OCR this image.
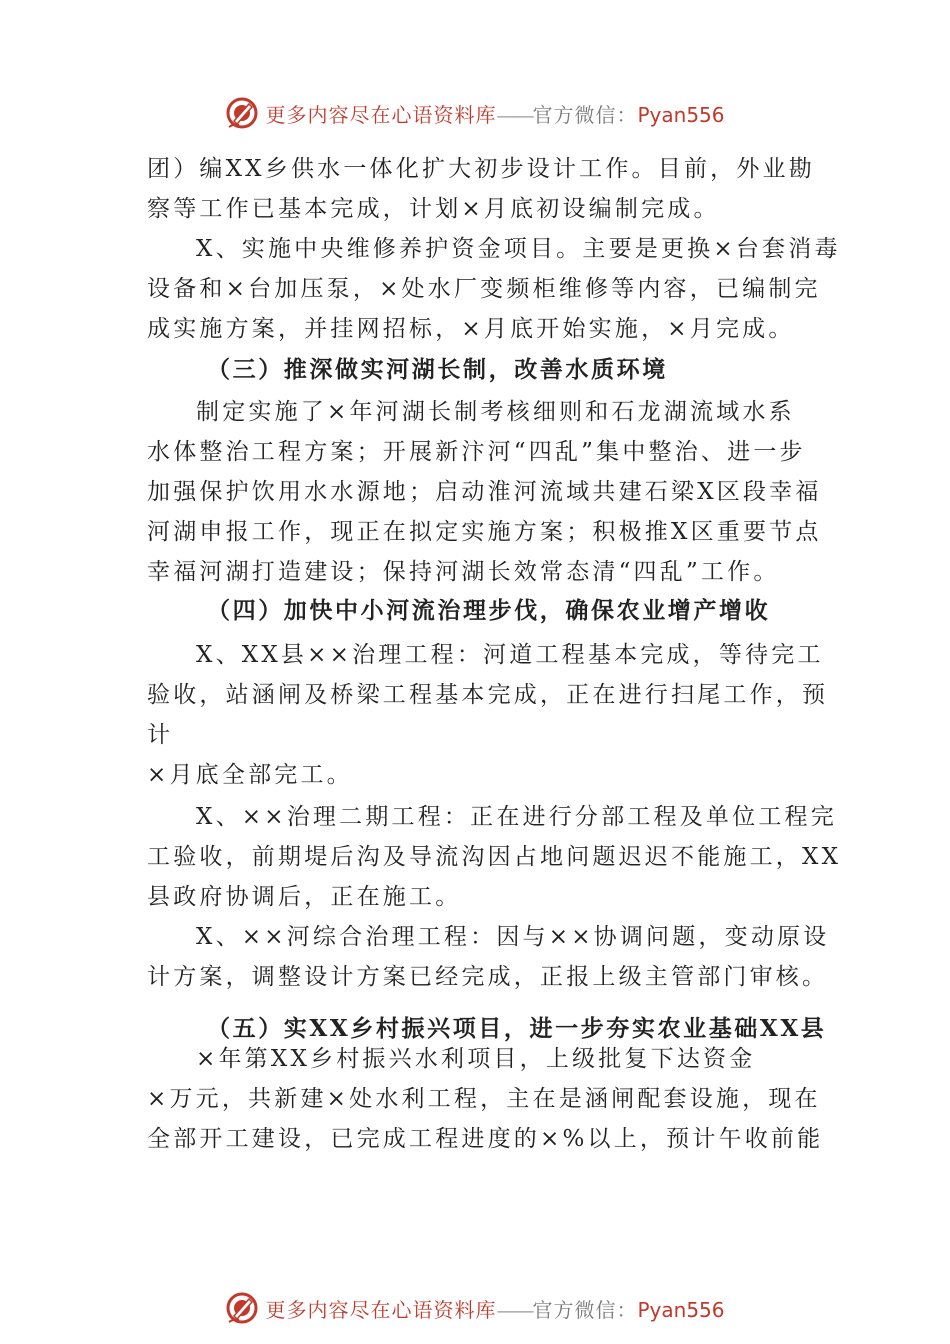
更多内容尽在心语资料库——官方微信：Pyan556
团）编XX乡供水一体化扩大初步设计工作。目前，外业勘
察等工作已基本完成，计划×月底初设编制完成。
X、实施中央维修养护资金项目。主要是更换×台套消毒
设备和×台加压泵，×处水厂变频柜维修等内容，已编制完
成实施方案，并挂网招标，×月底开始实施，×月完成。
（三）推深做实河湖长制，改善水质环境
制定实施了×年河湖长制考核细则和石龙湖流域水系
水体整治工程方案；开展新汴河“四乱”集中整治、进一步
加强保护饮用水水源地；启动淮河流域共建石梁X区段幸福
河湖申报工作，现正在拟定实施方案；积极推X区重要节点
幸福河湖打造建设；保持河湖长效常态清“四乱”工作。
（四）加快中小河流治理步伐，确保农业增产增收
X、XX县××治理工程：河道工程基本完成，等待完工
验收，站涵闸及桥梁工程基本完成，正在进行扫尾工作，预
计
×月底全部完工。
X、××治理二期工程：正在进行分部工程及单位工程完
工验收，前期堤后沟及导流沟因占地问题迟迟不能施工，XX
县政府协调后，正在施工。
X、××河综合治理工程：因与××协调问题，变动原设
计方案，调整设计方案已经完成，正报上级主管部门审核。
（五）实XX乡村振兴项目，进一步夯实农业基础XX县
×年第XX乡村振兴水利项目，上级批复下达资金
×万元，共新建×处水利工程，主在是涵闸配套设施，现在
全部开工建设，已完成工程进度的×%以上，预计午收前能
更多内容尽在心语资料库——官方微信：Pyan556
